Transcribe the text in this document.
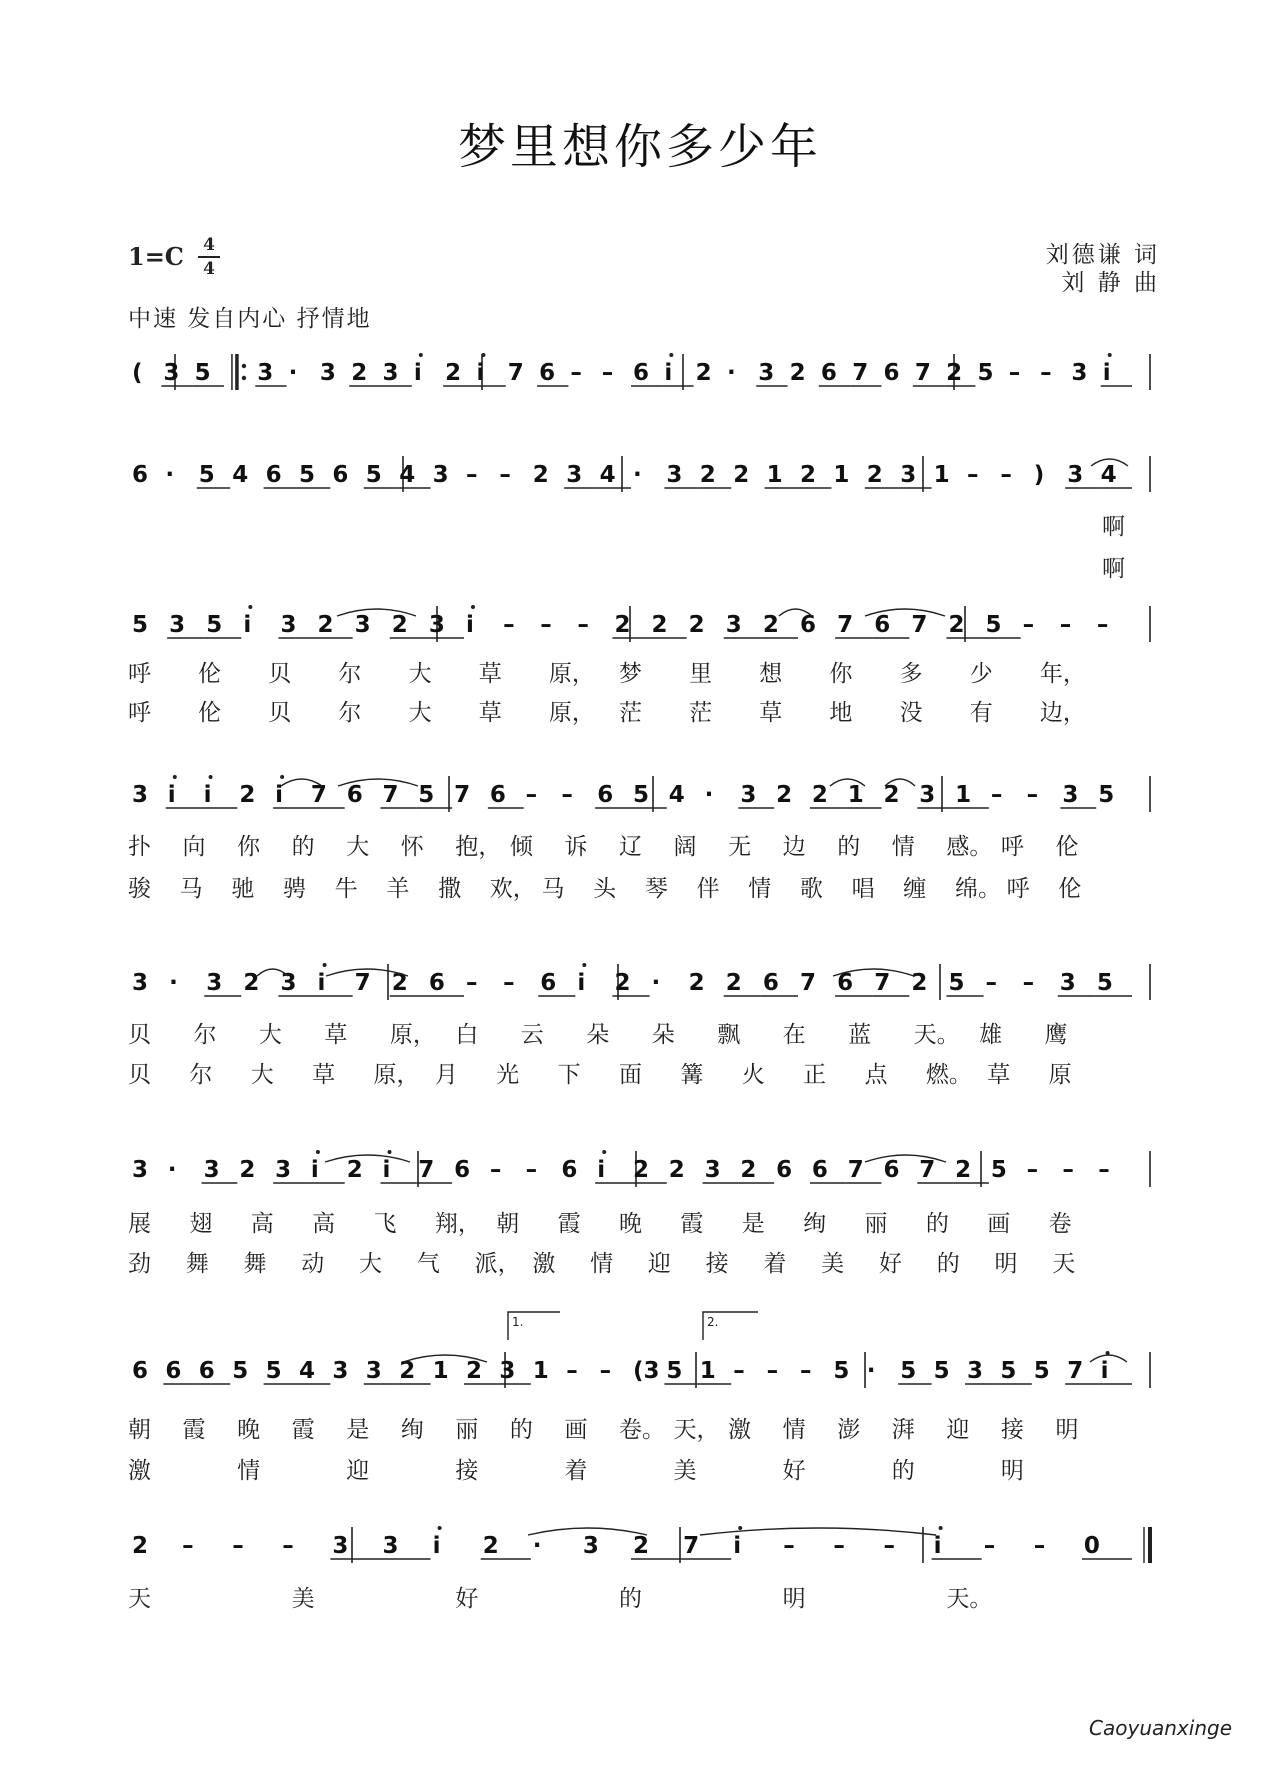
梦里想你多少年
1=C 4
4
刘德谦 词
刘 静 曲
中速 发自内心 抒情地
( 3 5 3 · 3 2 3 i 2 i 7 6 – – 6 i 2 · 3 2 6 7 6 7 2 5 – – 3 i
6 · 5 4 6 5 6 5 4 3 – – 2 3 4 · 3 2 2 1 2 1 2 3 1 – – ) 3 4
啊
啊
5 3 5 i 3 2 3 2 3 i – – – 2 2 2 3 2 6 7 6 7 2 5 – – –
呼 伦 贝 尔 大 草 原， 梦 里 想 你 多 少 年，
呼 伦 贝 尔 大 草 原， 茫 茫 草 地 没 有 边，
3 i i 2 i 7 6 7 5 7 6 – – 6 5 4 · 3 2 2 1 2 3 1 – – 3 5
扑 向 你 的 大 怀 抱， 倾 诉 辽 阔 无 边 的 情 感。 呼 伦
骏 马 驰 骋 牛 羊 撒 欢， 马 头 琴 伴 情 歌 唱 缠 绵。 呼 伦
3 · 3 2 3 i 7 2 6 – – 6 i 2 · 2 2 6 7 6 7 2 5 – – 3 5
贝 尔 大 草 原， 白 云 朵 朵 飘 在 蓝 天。 雄 鹰
贝 尔 大 草 原， 月 光 下 面 篝 火 正 点 燃。 草 原
3 · 3 2 3 i 2 i 7 6 – – 6 i 2 2 3 2 6 6 7 6 7 2 5 – – –
展 翅 高 高 飞 翔， 朝 霞 晚 霞 是 绚 丽 的 画 卷
劲 舞 舞 动 大 气 派， 激 情 迎 接 着 美 好 的 明 天
6 6 6 5 5 4 3 3 2 1 2 3 1 – – (3 5 1 – – – 5 · 5 5 3 5 5 7 i
朝 霞 晚 霞 是 绚 丽 的 画 卷。 天， 激 情 澎 湃 迎 接 明
激	情	迎	接	着	美	好	的	明
1.	2.
2 – – – 3 3 i 2 · 3 2 7 i – – – i – – 0
天	美	好	的	明	天。
Caoyuanxinge
